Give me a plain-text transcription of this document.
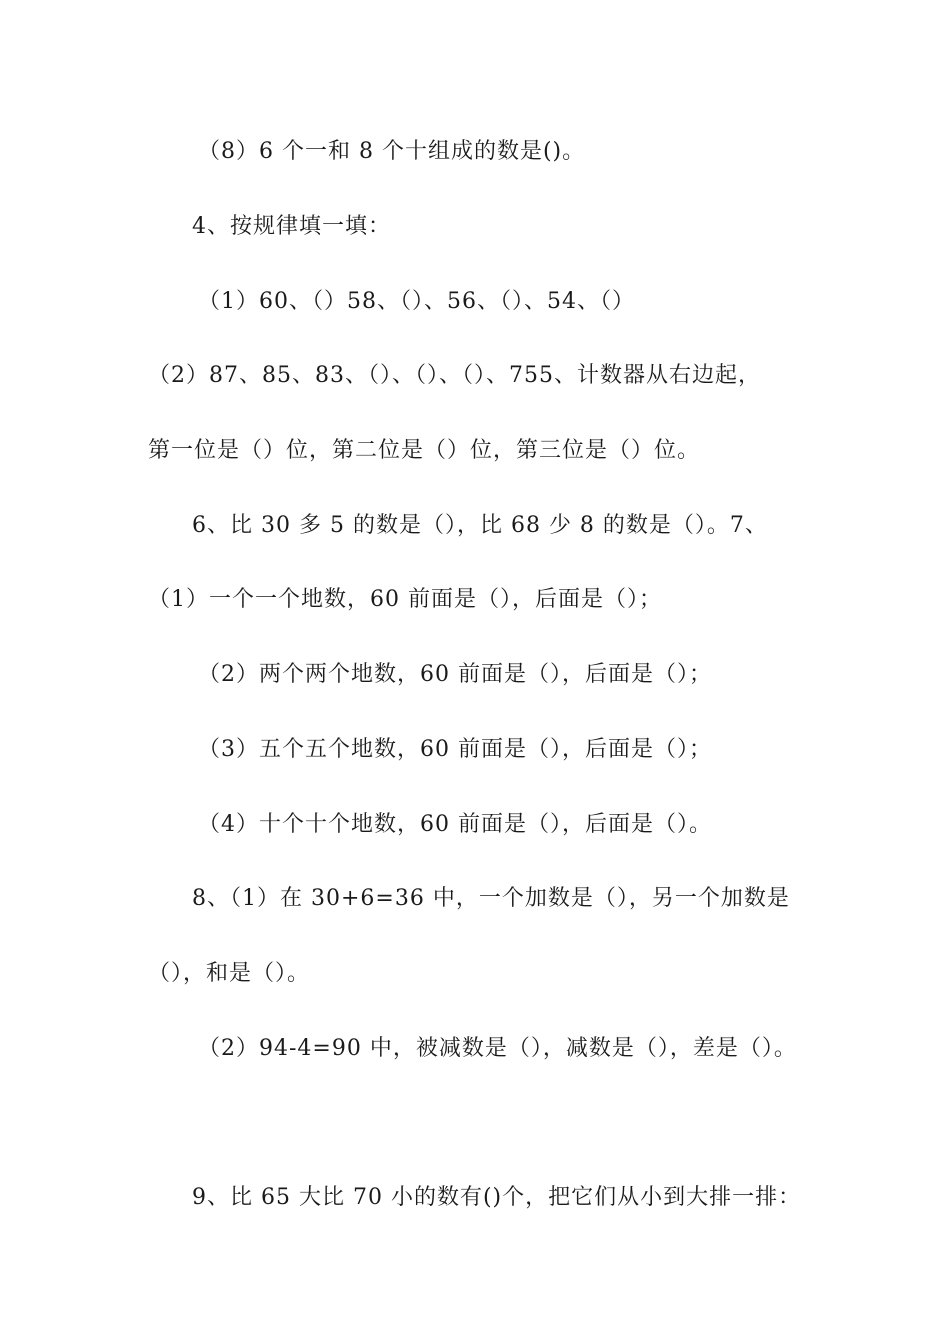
（8）6 个一和 8 个十组成的数是()。
4、按规律填一填：
（1）60、（）58、（）、56、（）、54、（）
（2）87、85、83、（）、（）、（）、755、计数器从右边起，
第一位是（）位，第二位是（）位，第三位是（）位。
6、比 30 多 5 的数是（），比 68 少 8 的数是（）。7、
（1）一个一个地数，60 前面是（），后面是（）；
（2）两个两个地数，60 前面是（），后面是（）；
（3）五个五个地数，60 前面是（），后面是（）；
（4）十个十个地数，60 前面是（），后面是（）。
8、（1）在 30+6=36 中，一个加数是（），另一个加数是
（），和是（）。
（2）94-4=90 中，被减数是（），减数是（），差是（）。
9、比 65 大比 70 小的数有()个，把它们从小到大排一排：
